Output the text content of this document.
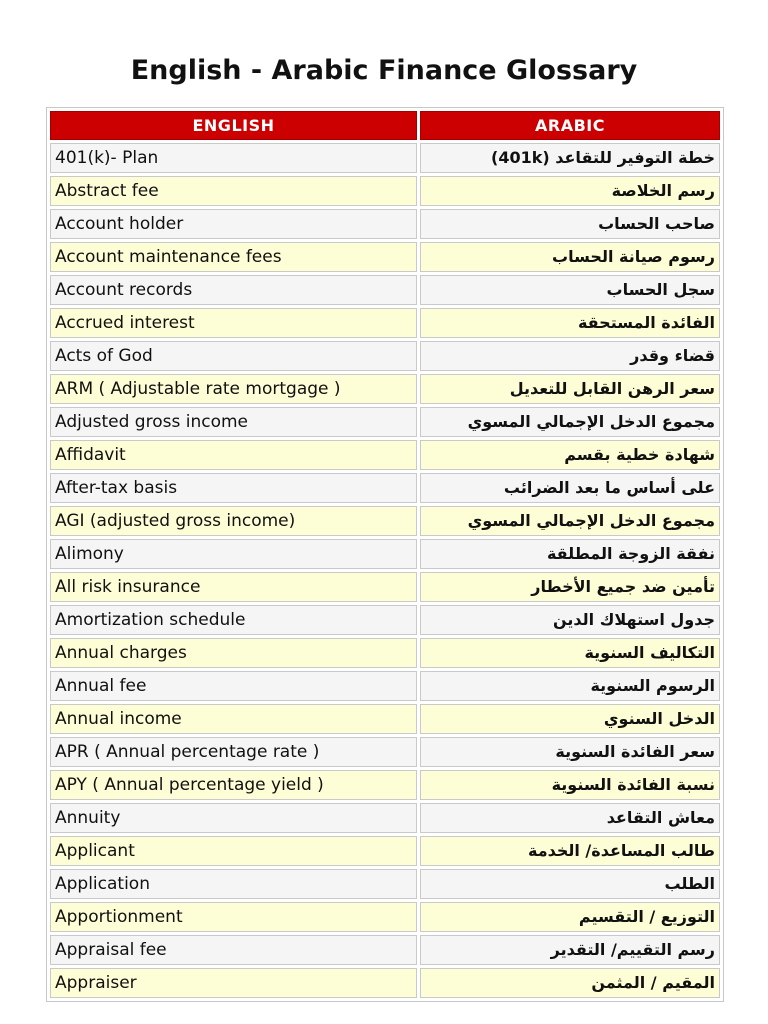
English - Arabic Finance Glossary
ENGLISH	ARABIC
401(k)- Plan	خطة التوفير للتقاعد (401k)
Abstract fee	رسم الخلاصة
Account holder	صاحب الحساب
Account maintenance fees	رسوم صيانة الحساب
Account records	سجل الحساب
Accrued interest	الفائدة المستحقة
Acts of God	قضاء وقدر
ARM ( Adjustable rate mortgage )	سعر الرهن القابل للتعديل
Adjusted gross income	مجموع الدخل الإجمالي المسوي
Affidavit	شهادة خطية بقسم
After-tax basis	على أساس ما بعد الضرائب
AGI (adjusted gross income)	مجموع الدخل الإجمالي المسوي
Alimony	نفقة الزوجة المطلقة
All risk insurance	تأمين ضد جميع الأخطار
Amortization schedule	جدول استهلاك الدين
Annual charges	التكاليف السنوية
Annual fee	الرسوم السنوية
Annual income	الدخل السنوي
APR ( Annual percentage rate )	سعر الفائدة السنوية
APY ( Annual percentage yield )	نسبة الفائدة السنوية
Annuity	معاش التقاعد
Applicant	طالب المساعدة/ الخدمة
Application	الطلب
Apportionment	التوزيع / التقسيم
Appraisal fee	رسم التقييم/ التقدير
Appraiser	المقيم / المثمن
